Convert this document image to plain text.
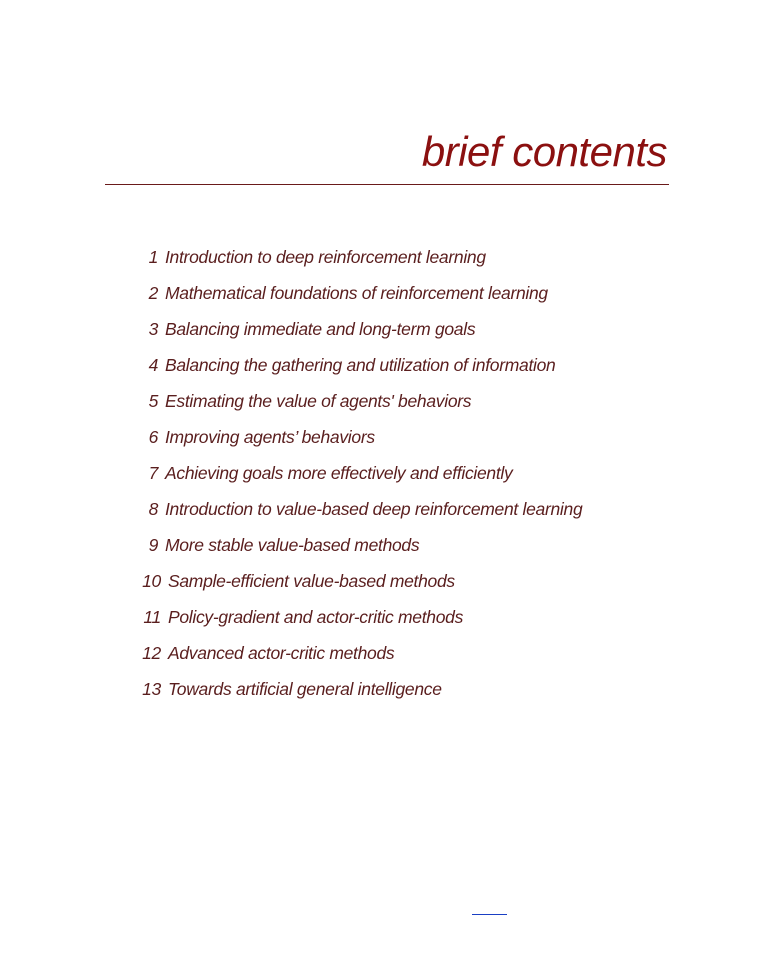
brief contents
1 Introduction to deep reinforcement learning
2 Mathematical foundations of reinforcement learning
3 Balancing immediate and long-term goals
4 Balancing the gathering and utilization of information
5 Estimating the value of agents' behaviors
6 Improving agents’ behaviors
7 Achieving goals more effectively and efficiently
8 Introduction to value-based deep reinforcement learning
9 More stable value-based methods
10 Sample-efficient value-based methods
11 Policy-gradient and actor-critic methods
12 Advanced actor-critic methods
13 Towards artificial general intelligence
